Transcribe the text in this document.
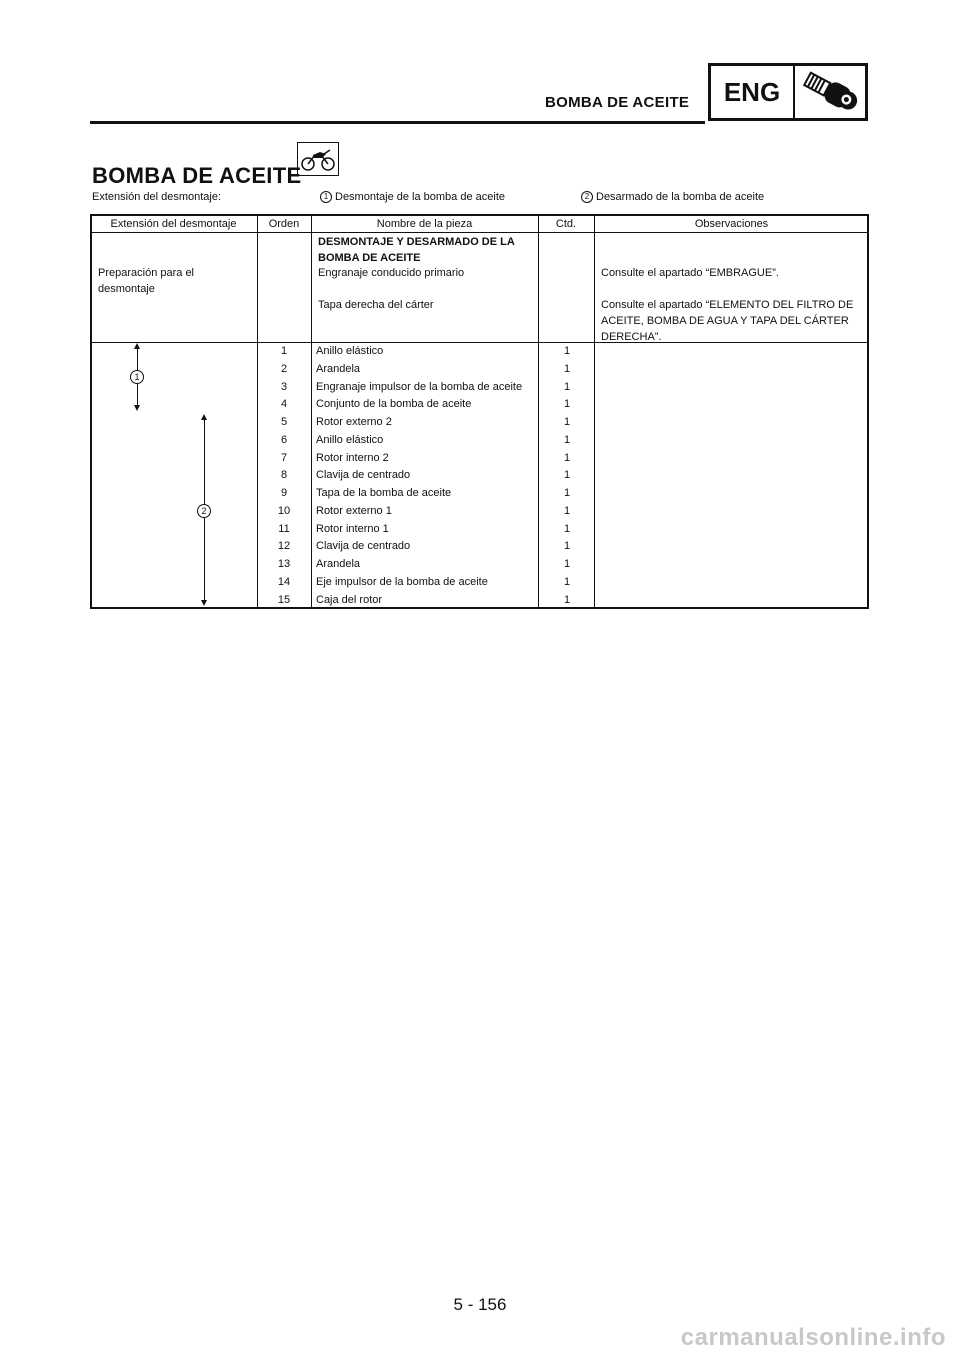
BOMBA DE ACEITE	ENG
BOMBA DE ACEITE
Extensión del desmontaje:	1 Desmontaje de la bomba de aceite	2 Desarmado de la bomba de aceite
Extensión del desmontaje	Orden	Nombre de la pieza	Ctd.	Observaciones
DESMONTAJE Y DESARMADO DE LA BOMBA DE ACEITE
Preparación para el desmontaje
Engranaje conducido primario	Consulte el apartado “EMBRAGUE”.
Tapa derecha del cárter	Consulte el apartado “ELEMENTO DEL FILTRO DE ACEITE, BOMBA DE AGUA Y TAPA DEL CÁRTER DERECHA”.
1	Anillo elástico	1
2	Arandela	1
3	Engranaje impulsor de la bomba de aceite	1
4	Conjunto de la bomba de aceite	1
5	Rotor externo 2	1
6	Anillo elástico	1
7	Rotor interno 2	1
8	Clavija de centrado	1
9	Tapa de la bomba de aceite	1
10	Rotor externo 1	1
11	Rotor interno 1	1
12	Clavija de centrado	1
13	Arandela	1
14	Eje impulsor de la bomba de aceite	1
15	Caja del rotor	1
1
2
5 - 156
carmanualsonline.info
